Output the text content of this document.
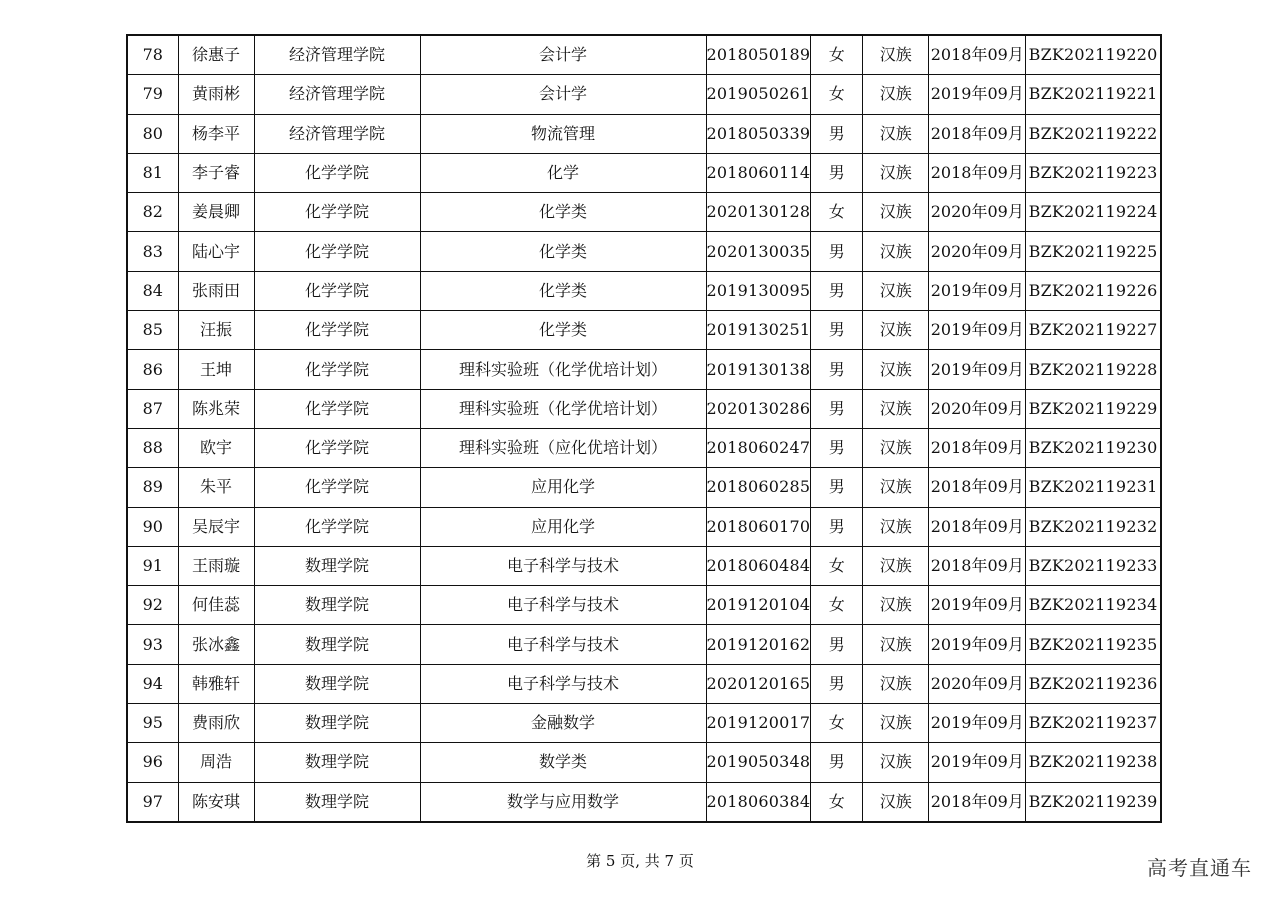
78	徐惠子	经济管理学院	会计学	2018050189	女	汉族	2018年09月	BZK202119220
79	黄雨彬	经济管理学院	会计学	2019050261	女	汉族	2019年09月	BZK202119221
80	杨李平	经济管理学院	物流管理	2018050339	男	汉族	2018年09月	BZK202119222
81	李子睿	化学学院	化学	2018060114	男	汉族	2018年09月	BZK202119223
82	姜晨卿	化学学院	化学类	2020130128	女	汉族	2020年09月	BZK202119224
83	陆心宇	化学学院	化学类	2020130035	男	汉族	2020年09月	BZK202119225
84	张雨田	化学学院	化学类	2019130095	男	汉族	2019年09月	BZK202119226
85	汪振	化学学院	化学类	2019130251	男	汉族	2019年09月	BZK202119227
86	王坤	化学学院	理科实验班（化学优培计划）	2019130138	男	汉族	2019年09月	BZK202119228
87	陈兆荣	化学学院	理科实验班（化学优培计划）	2020130286	男	汉族	2020年09月	BZK202119229
88	欧宇	化学学院	理科实验班（应化优培计划）	2018060247	男	汉族	2018年09月	BZK202119230
89	朱平	化学学院	应用化学	2018060285	男	汉族	2018年09月	BZK202119231
90	吴辰宇	化学学院	应用化学	2018060170	男	汉族	2018年09月	BZK202119232
91	王雨璇	数理学院	电子科学与技术	2018060484	女	汉族	2018年09月	BZK202119233
92	何佳蕊	数理学院	电子科学与技术	2019120104	女	汉族	2019年09月	BZK202119234
93	张冰鑫	数理学院	电子科学与技术	2019120162	男	汉族	2019年09月	BZK202119235
94	韩雅轩	数理学院	电子科学与技术	2020120165	男	汉族	2020年09月	BZK202119236
95	费雨欣	数理学院	金融数学	2019120017	女	汉族	2019年09月	BZK202119237
96	周浩	数理学院	数学类	2019050348	男	汉族	2019年09月	BZK202119238
97	陈安琪	数理学院	数学与应用数学	2018060384	女	汉族	2018年09月	BZK202119239
第 5 页, 共 7 页	高考直通车
